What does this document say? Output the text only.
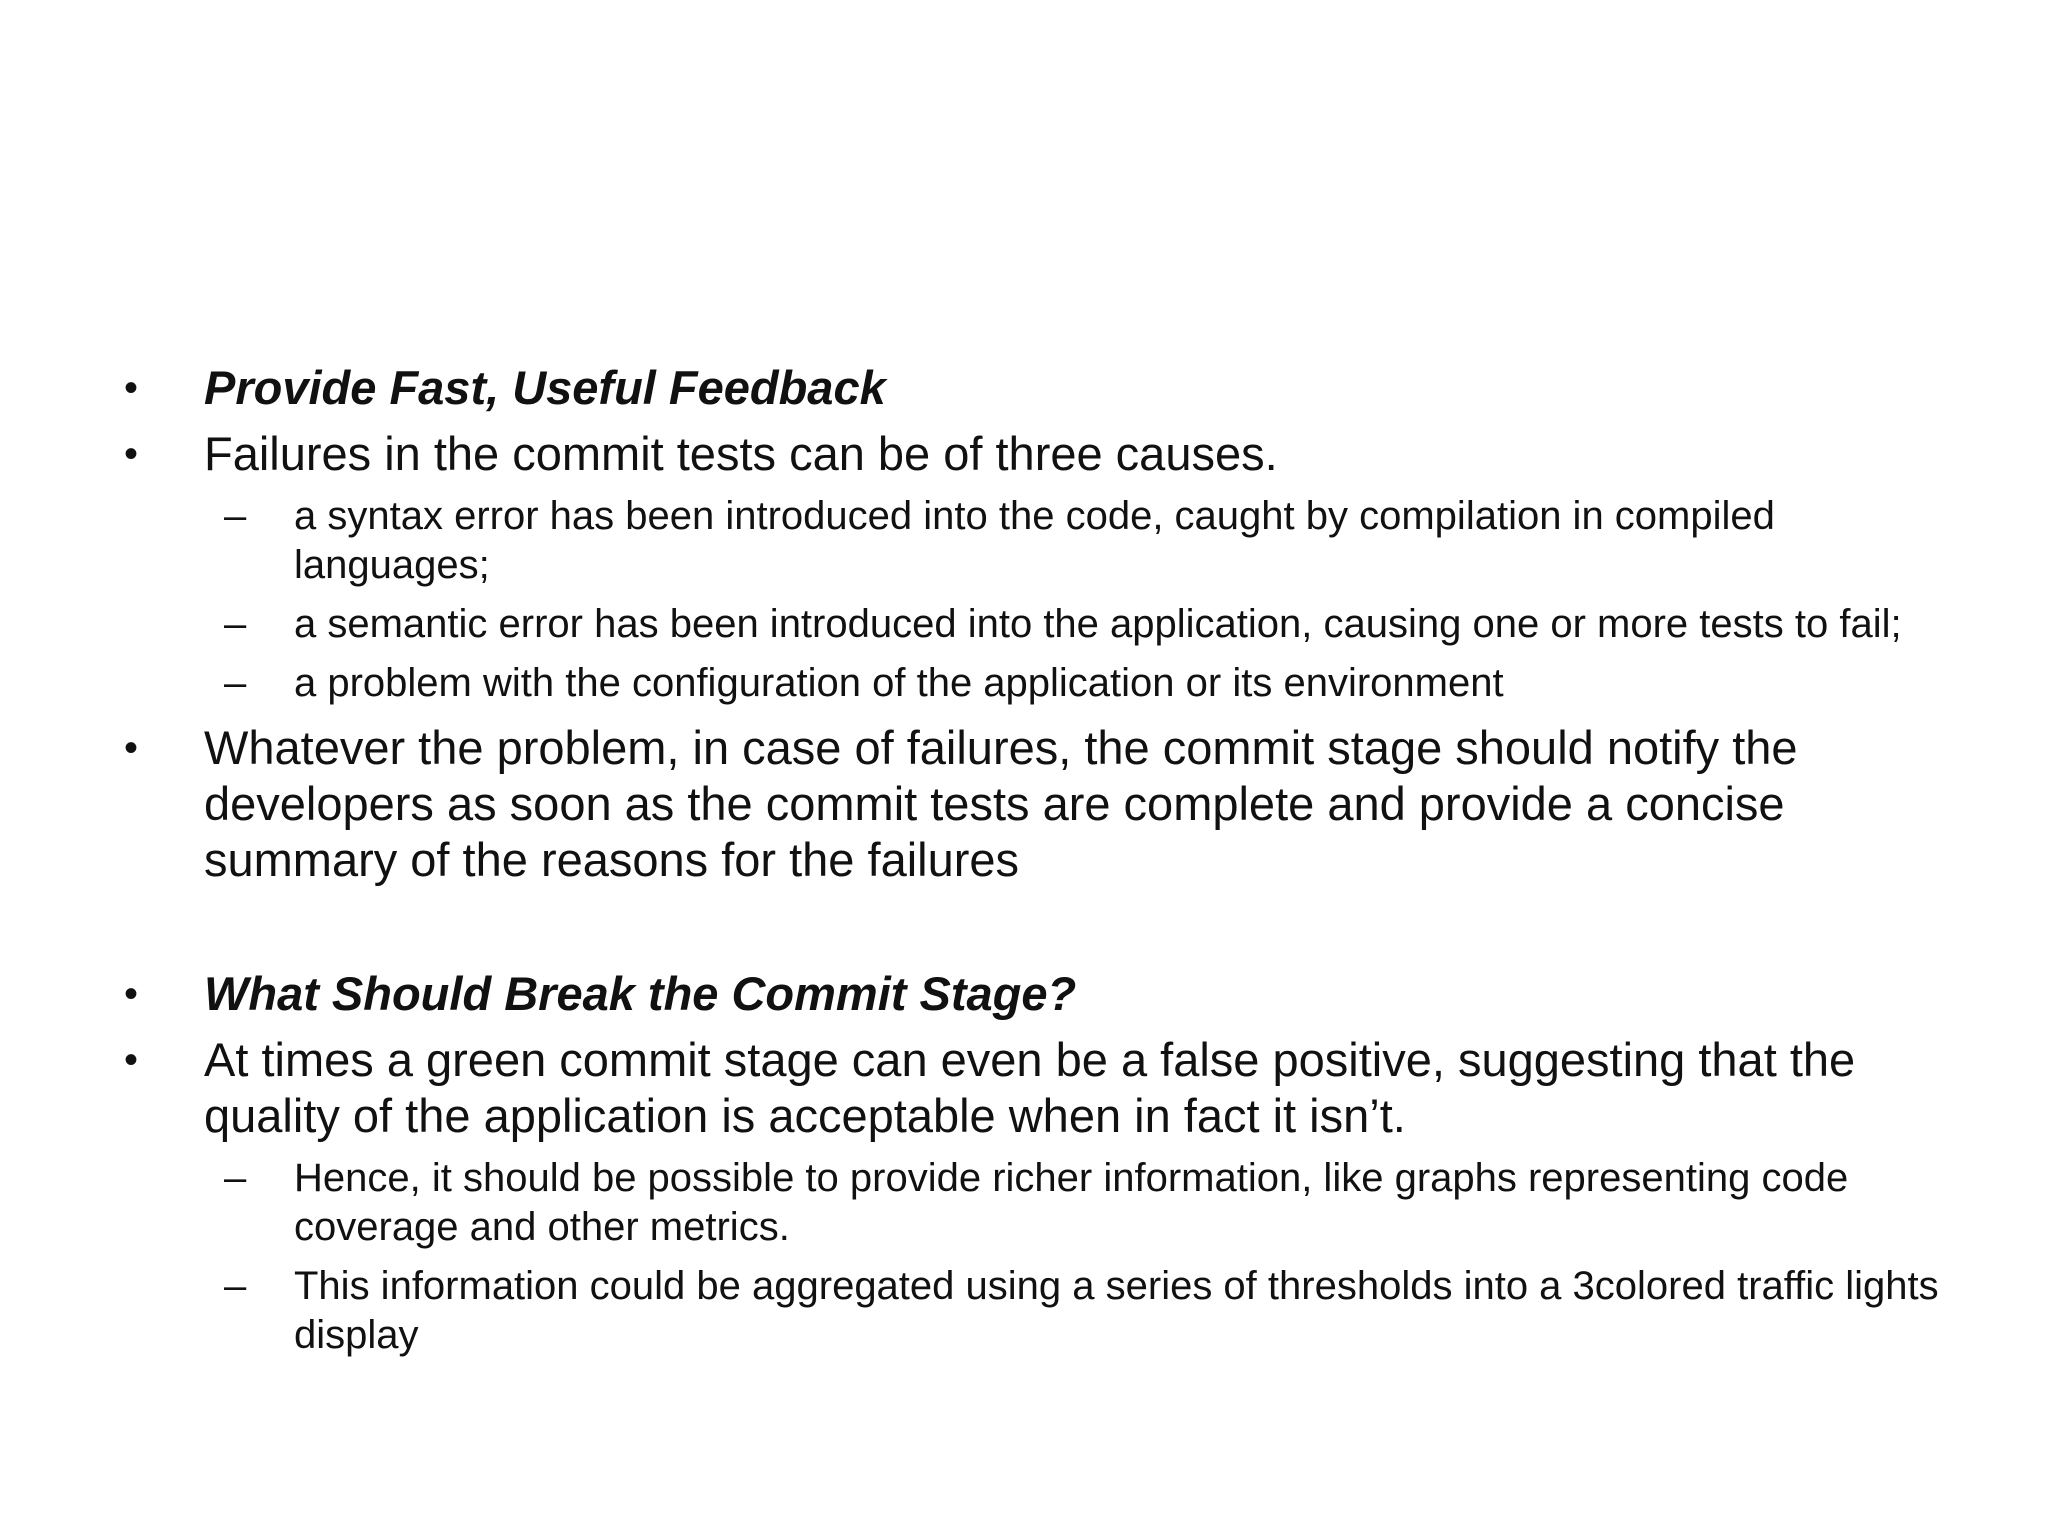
• Provide Fast, Useful Feedback
• Failures in the commit tests can be of three causes.
– a syntax error has been introduced into the code, caught by compilation in compiled languages;
– a semantic error has been introduced into the application, causing one or more tests to fail;
– a problem with the configuration of the application or its environment
• Whatever the problem, in case of failures, the commit stage should notify the developers as soon as the commit tests are complete and provide a concise summary of the reasons for the failures
• What Should Break the Commit Stage?
• At times a green commit stage can even be a false positive, suggesting that the quality of the application is acceptable when in fact it isn’t.
– Hence, it should be possible to provide richer information, like graphs representing code coverage and other metrics.
– This information could be aggregated using a series of thresholds into a 3colored traffic lights display
